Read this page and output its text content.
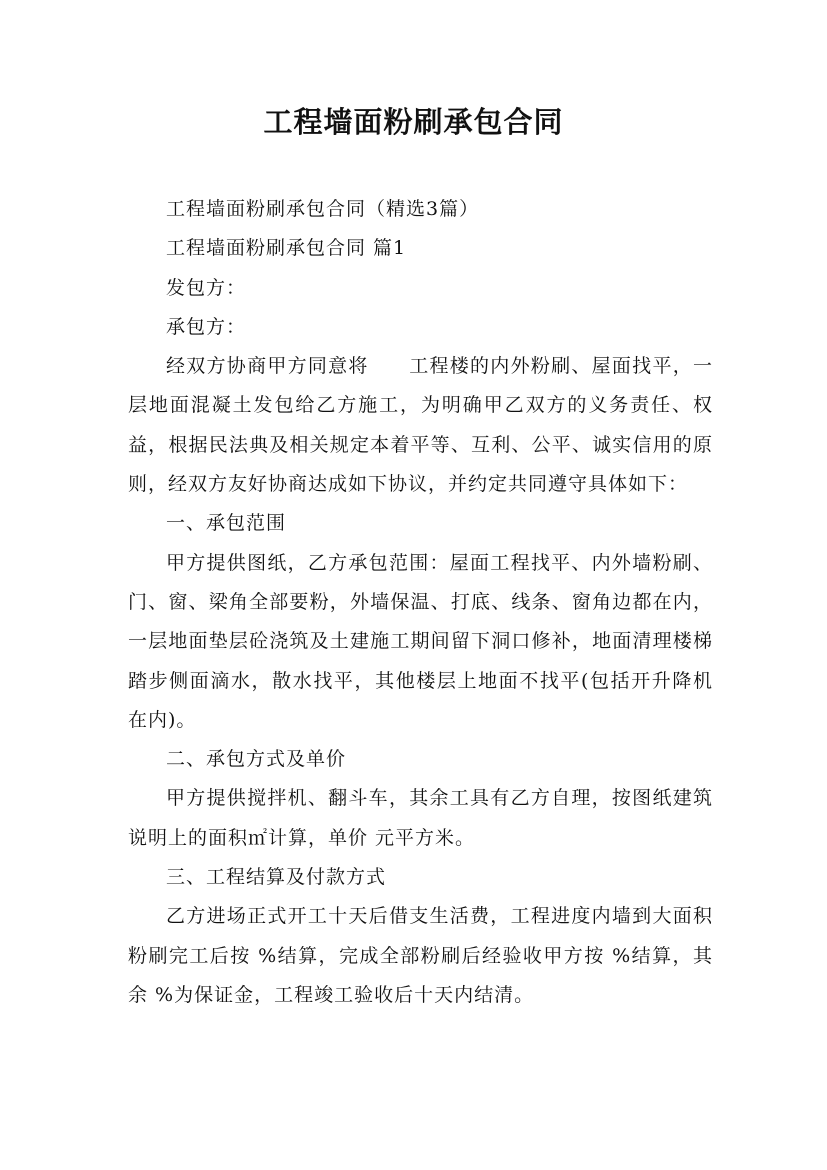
工程墙面粉刷承包合同

工程墙面粉刷承包合同（精选3篇）

工程墙面粉刷承包合同 篇1

发包方：

承包方：

经双方协商甲方同意将　　工程楼的内外粉刷、屋面找平，一层地面混凝土发包给乙方施工，为明确甲乙双方的义务责任、权益，根据民法典及相关规定本着平等、互利、公平、诚实信用的原则，经双方友好协商达成如下协议，并约定共同遵守具体如下：

一、承包范围

甲方提供图纸，乙方承包范围：屋面工程找平、内外墙粉刷、门、窗、梁角全部要粉，外墙保温、打底、线条、窗角边都在内，一层地面垫层砼浇筑及土建施工期间留下洞口修补，地面清理楼梯踏步侧面滴水，散水找平，其他楼层上地面不找平(包括开升降机在内)。

二、承包方式及单价

甲方提供搅拌机、翻斗车，其余工具有乙方自理，按图纸建筑说明上的面积㎡计算，单价 元平方米。

三、工程结算及付款方式

乙方进场正式开工十天后借支生活费，工程进度内墙到大面积粉刷完工后按 %结算，完成全部粉刷后经验收甲方按 %结算，其余 %为保证金，工程竣工验收后十天内结清。
